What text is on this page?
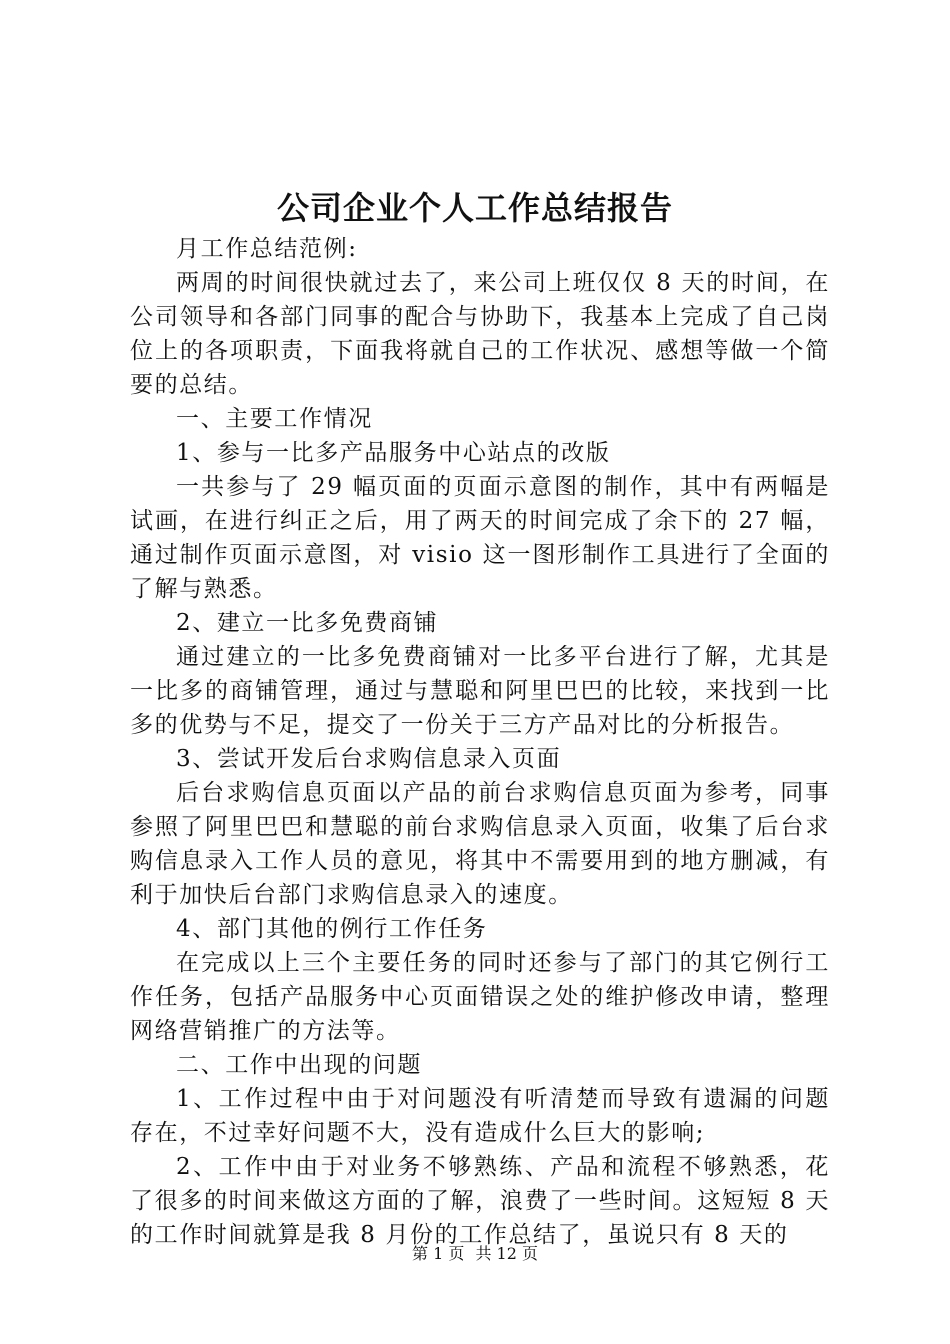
公司企业个人工作总结报告

月工作总结范例:

两周的时间很快就过去了，来公司上班仅仅 8 天的时间，在公司领导和各部门同事的配合与协助下，我基本上完成了自己岗位上的各项职责，下面我将就自己的工作状况、感想等做一个简要的总结。

一、主要工作情况

1、参与一比多产品服务中心站点的改版

一共参与了 29 幅页面的页面示意图的制作，其中有两幅是试画，在进行纠正之后，用了两天的时间完成了余下的 27 幅，通过制作页面示意图，对 visio 这一图形制作工具进行了全面的了解与熟悉。

2、建立一比多免费商铺

通过建立的一比多免费商铺对一比多平台进行了解，尤其是一比多的商铺管理，通过与慧聪和阿里巴巴的比较，来找到一比多的优势与不足，提交了一份关于三方产品对比的分析报告。

3、尝试开发后台求购信息录入页面

后台求购信息页面以产品的前台求购信息页面为参考，同事参照了阿里巴巴和慧聪的前台求购信息录入页面，收集了后台求购信息录入工作人员的意见，将其中不需要用到的地方删减，有利于加快后台部门求购信息录入的速度。

4、部门其他的例行工作任务

在完成以上三个主要任务的同时还参与了部门的其它例行工作任务，包括产品服务中心页面错误之处的维护修改申请，整理网络营销推广的方法等。

二、工作中出现的问题

1、工作过程中由于对问题没有听清楚而导致有遗漏的问题存在，不过幸好问题不大，没有造成什么巨大的影响;

2、工作中由于对业务不够熟练、产品和流程不够熟悉，花了很多的时间来做这方面的了解，浪费了一些时间。这短短 8 天的工作时间就算是我 8 月份的工作总结了，虽说只有 8 天的

第 1 页 共 12 页
